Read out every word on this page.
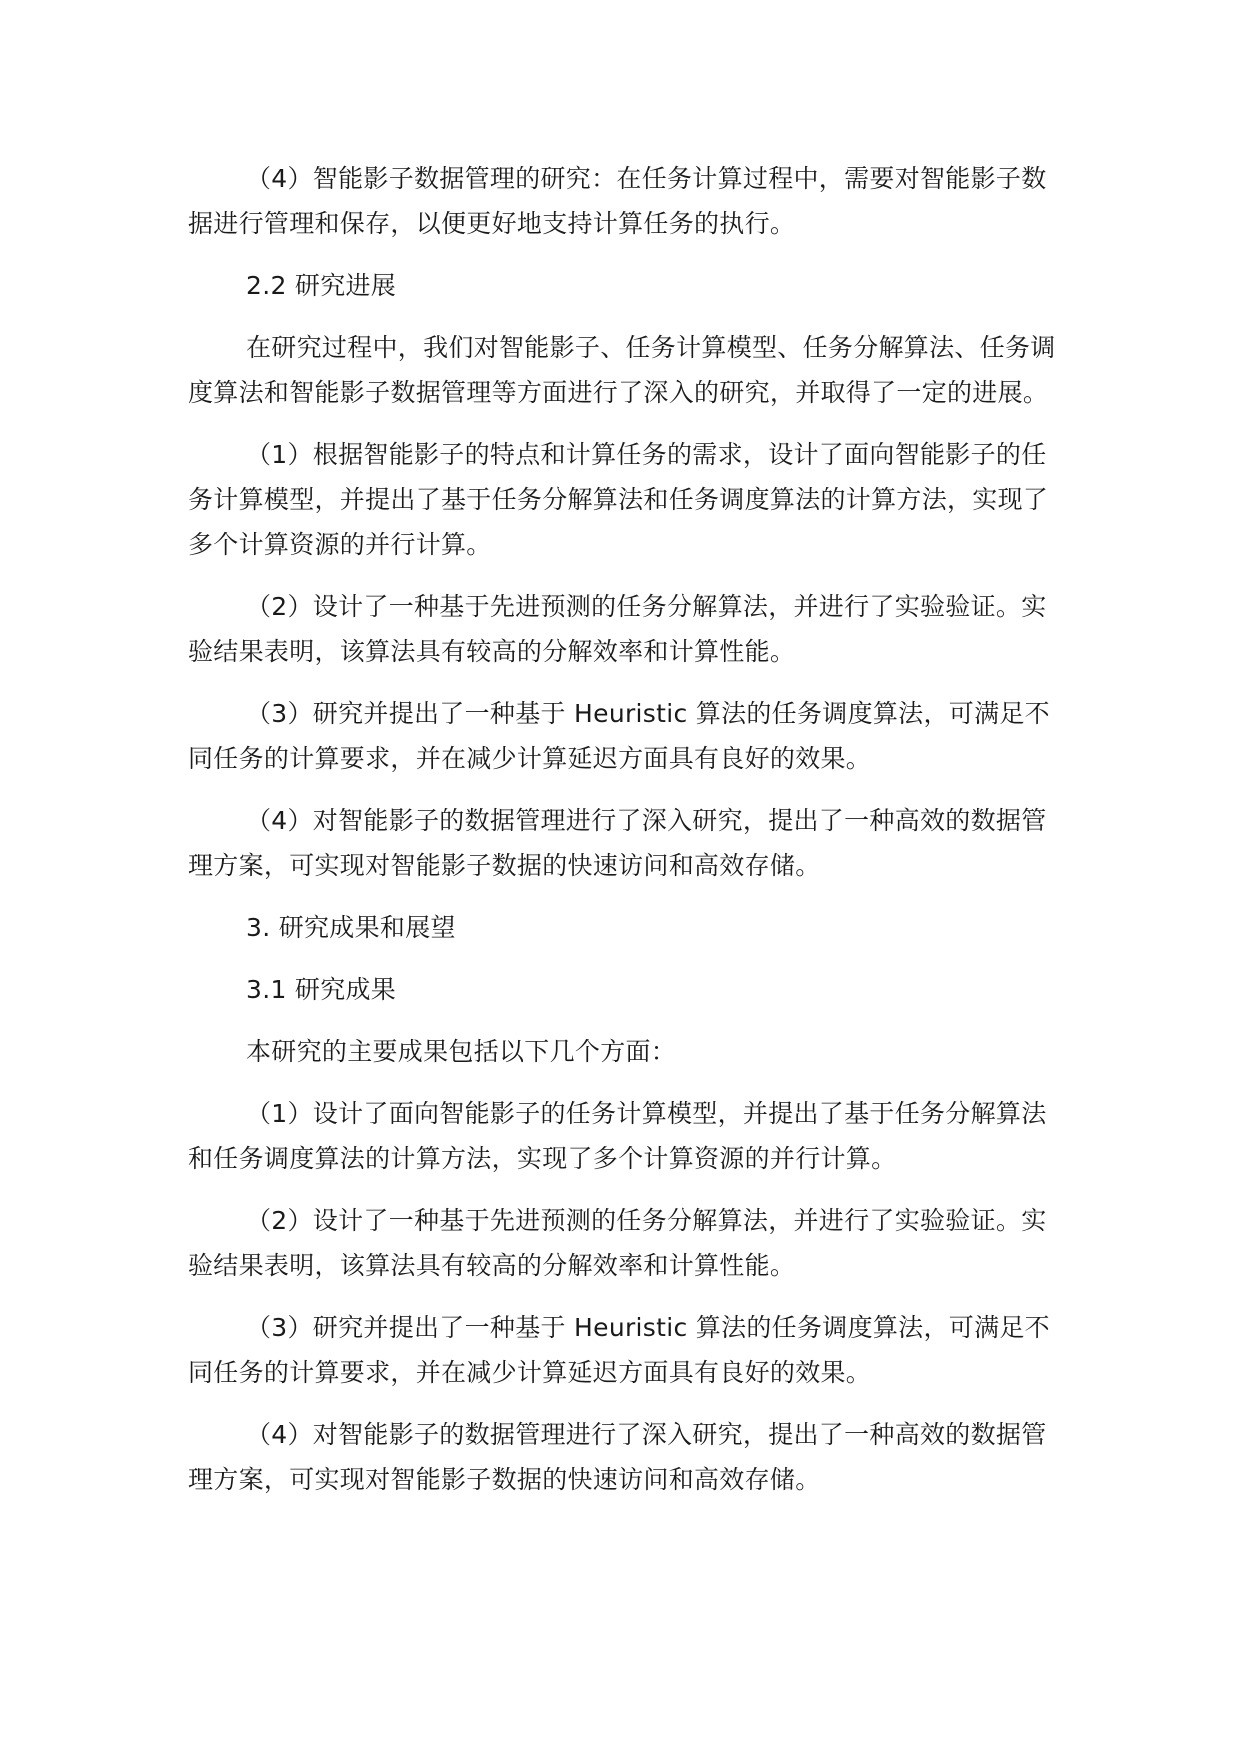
（4）智能影子数据管理的研究：在任务计算过程中，需要对智能影子数据进行管理和保存，以便更好地支持计算任务的执行。

2.2 研究进展

在研究过程中，我们对智能影子、任务计算模型、任务分解算法、任务调度算法和智能影子数据管理等方面进行了深入的研究，并取得了一定的进展。

（1）根据智能影子的特点和计算任务的需求，设计了面向智能影子的任务计算模型，并提出了基于任务分解算法和任务调度算法的计算方法，实现了多个计算资源的并行计算。

（2）设计了一种基于先进预测的任务分解算法，并进行了实验验证。实验结果表明，该算法具有较高的分解效率和计算性能。

（3）研究并提出了一种基于 Heuristic 算法的任务调度算法，可满足不同任务的计算要求，并在减少计算延迟方面具有良好的效果。

（4）对智能影子的数据管理进行了深入研究，提出了一种高效的数据管理方案，可实现对智能影子数据的快速访问和高效存储。

3. 研究成果和展望

3.1 研究成果

本研究的主要成果包括以下几个方面：

（1）设计了面向智能影子的任务计算模型，并提出了基于任务分解算法和任务调度算法的计算方法，实现了多个计算资源的并行计算。

（2）设计了一种基于先进预测的任务分解算法，并进行了实验验证。实验结果表明，该算法具有较高的分解效率和计算性能。

（3）研究并提出了一种基于 Heuristic 算法的任务调度算法，可满足不同任务的计算要求，并在减少计算延迟方面具有良好的效果。

（4）对智能影子的数据管理进行了深入研究，提出了一种高效的数据管理方案，可实现对智能影子数据的快速访问和高效存储。
